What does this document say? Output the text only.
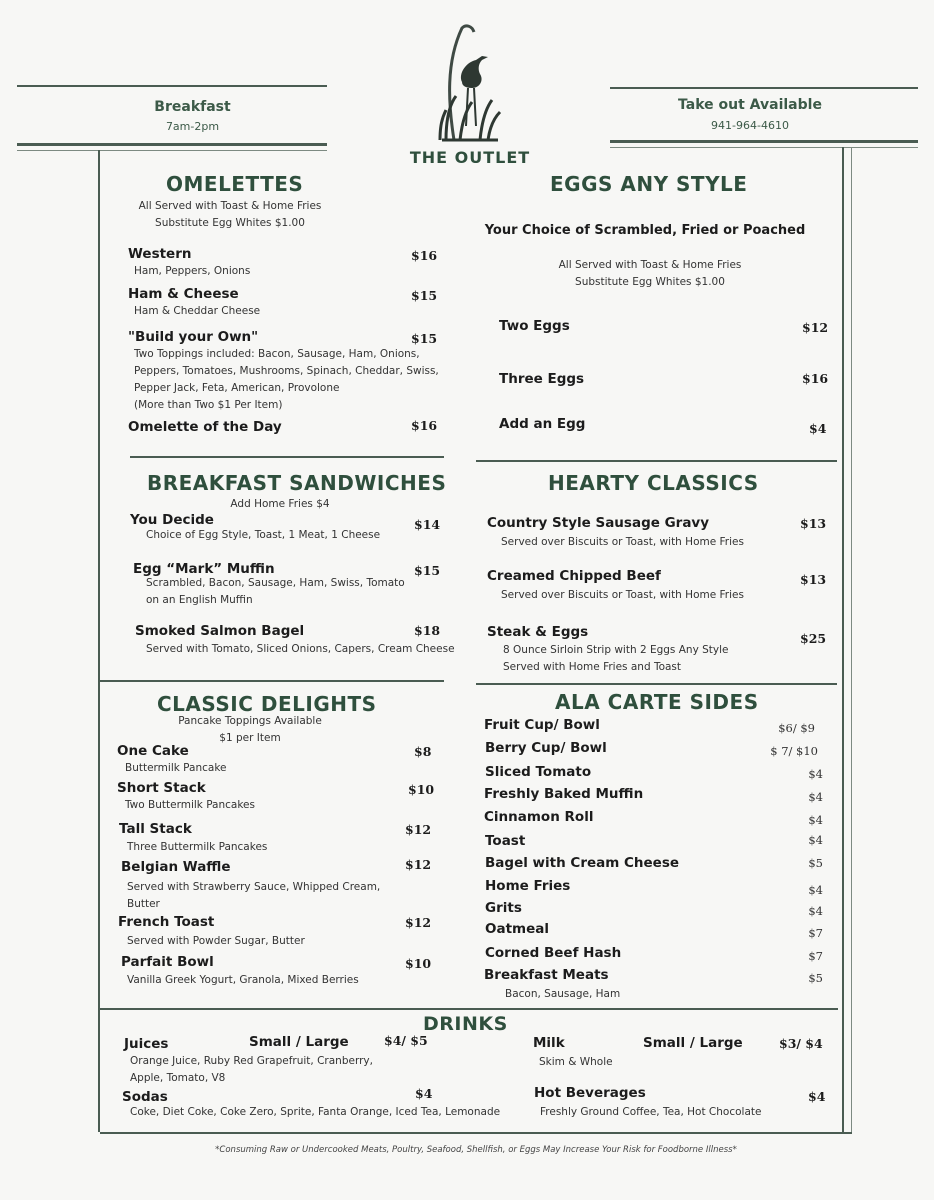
Breakfast
7am-2pm
Take out Available
941-964-4610
THE OUTLET
OMELETTES
All Served with Toast & Home Fries
Substitute Egg Whites $1.00
Western	$16
Ham, Peppers, Onions
Ham & Cheese	$15
Ham & Cheddar Cheese
"Build your Own"	$15
Two Toppings included: Bacon, Sausage, Ham, Onions,
Peppers, Tomatoes, Mushrooms, Spinach, Cheddar, Swiss,
Pepper Jack, Feta, American, Provolone
(More than Two $1 Per Item)
Omelette of the Day	$16
EGGS ANY STYLE
Your Choice of Scrambled, Fried or Poached
All Served with Toast & Home Fries
Substitute Egg Whites $1.00
Two Eggs	$12
Three Eggs	$16
Add an Egg	$4
BREAKFAST SANDWICHES
Add Home Fries $4
You Decide	$14
Choice of Egg Style, Toast, 1 Meat, 1 Cheese
Egg “Mark” Muffin	$15
Scrambled, Bacon, Sausage, Ham, Swiss, Tomato
on an English Muffin
Smoked Salmon Bagel	$18
Served with Tomato, Sliced Onions, Capers, Cream Cheese
HEARTY CLASSICS
Country Style Sausage Gravy	$13
Served over Biscuits or Toast, with Home Fries
Creamed Chipped Beef	$13
Served over Biscuits or Toast, with Home Fries
Steak & Eggs	$25
8 Ounce Sirloin Strip with 2 Eggs Any Style
Served with Home Fries and Toast
CLASSIC DELIGHTS
Pancake Toppings Available
$1 per Item
One Cake	$8
Buttermilk Pancake
Short Stack	$10
Two Buttermilk Pancakes
Tall Stack	$12
Three Buttermilk Pancakes
Belgian Waffle	$12
Served with Strawberry Sauce, Whipped Cream,
Butter
French Toast	$12
Served with Powder Sugar, Butter
Parfait Bowl	$10
Vanilla Greek Yogurt, Granola, Mixed Berries
ALA CARTE SIDES
Fruit Cup/ Bowl	$6/ $9
Berry Cup/ Bowl	$ 7/ $10
Sliced Tomato	$4
Freshly Baked Muffin	$4
Cinnamon Roll	$4
Toast	$4
Bagel with Cream Cheese	$5
Home Fries	$4
Grits	$4
Oatmeal	$7
Corned Beef Hash	$7
Breakfast Meats	$5
Bacon, Sausage, Ham
DRINKS
Juices	Small / Large	$4/ $5
Orange Juice, Ruby Red Grapefruit, Cranberry,
Apple, Tomato, V8
Sodas	$4
Coke, Diet Coke, Coke Zero, Sprite, Fanta Orange, Iced Tea, Lemonade
Milk	Small / Large	$3/ $4
Skim & Whole
Hot Beverages	$4
Freshly Ground Coffee, Tea, Hot Chocolate
*Consuming Raw or Undercooked Meats, Poultry, Seafood, Shellfish, or Eggs May Increase Your Risk for Foodborne Illness*
